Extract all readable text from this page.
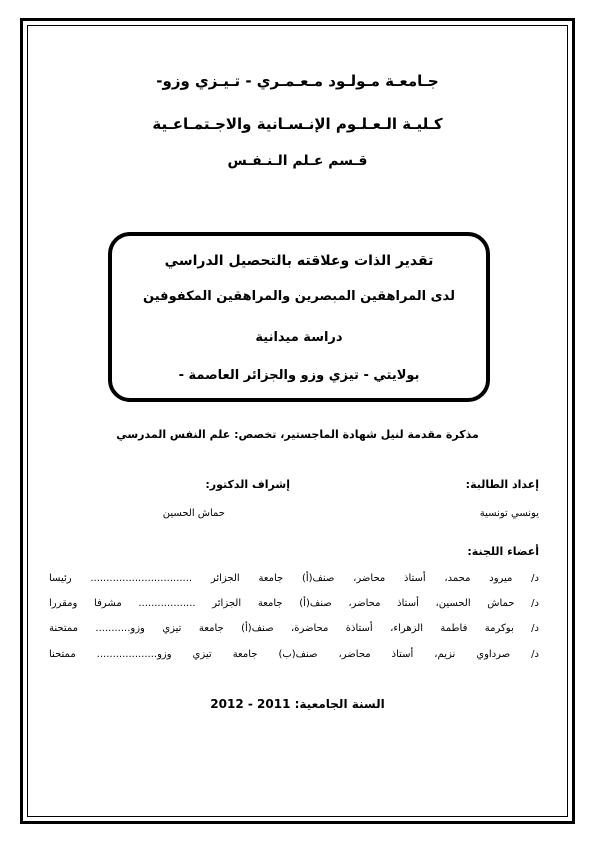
جـامعـة مـولـود مـعـمـري - تـيـزي وزو-
كـليـة الـعـلـوم الإنـسـانية والاجـتمـاعـية
قـسم عـلم الـنـفـس
تقدير الذات وعلاقته بالتحصيل الدراسي
لدى المراهقين المبصرين والمراهقين المكفوفين
دراسة ميدانية
بولايتي - تيزي وزو والجزائر العاصمة -
مذكرة مقدمة لنيل شهادة الماجستير، تخصص: علم النفس المدرسي
إعداد الطالبة:
يونسي تونسية
إشراف الدكتور:
حماش الحسين
أعضاء اللجنة:
د/ ميرود محمد، أستاذ محاضر، صنف(أ) جامعة الجزائر ................................ رئيسا
د/ حماش الحسين، أستاذ محاضر، صنف(أ) جامعة الجزائر .................. مشرفا ومقررا
د/ بوكرمة فاطمة الزهراء، أستاذة محاضرة، صنف(أ) جامعة تيزي وزو........... ممتحنة
د/ صرداوي نزيم، أستاذ محاضر، صنف(ب) جامعة تيزي وزو................... ممتحنا
السنة الجامعية: 2011 - 2012
